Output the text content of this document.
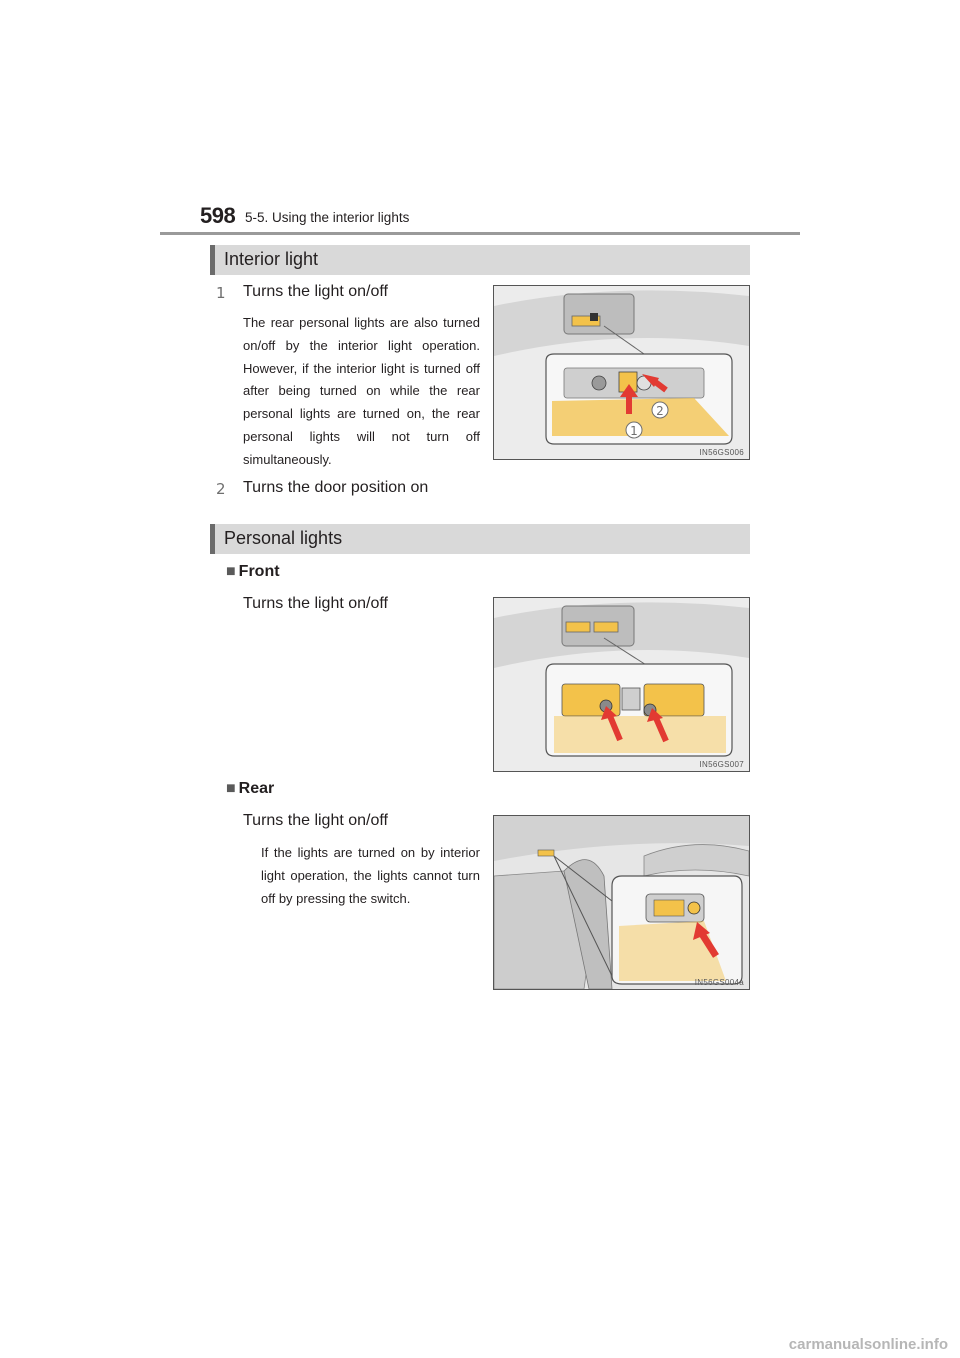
598 5-5. Using the interior lights
Interior light
1 Turns the light on/off
The rear personal lights are also turned on/off by the interior light operation. However, if the interior light is turned off after being turned on while the rear personal lights are turned on, the rear personal lights will not turn off simultaneously.
2 Turns the door position on
2
1
IN56GS006
Personal lights
■ Front
Turns the light on/off
IN56GS007
■ Rear
Turns the light on/off
If the lights are turned on by interior light operation, the lights cannot turn off by pressing the switch.
IN56GS004a
carmanualsonline.info
